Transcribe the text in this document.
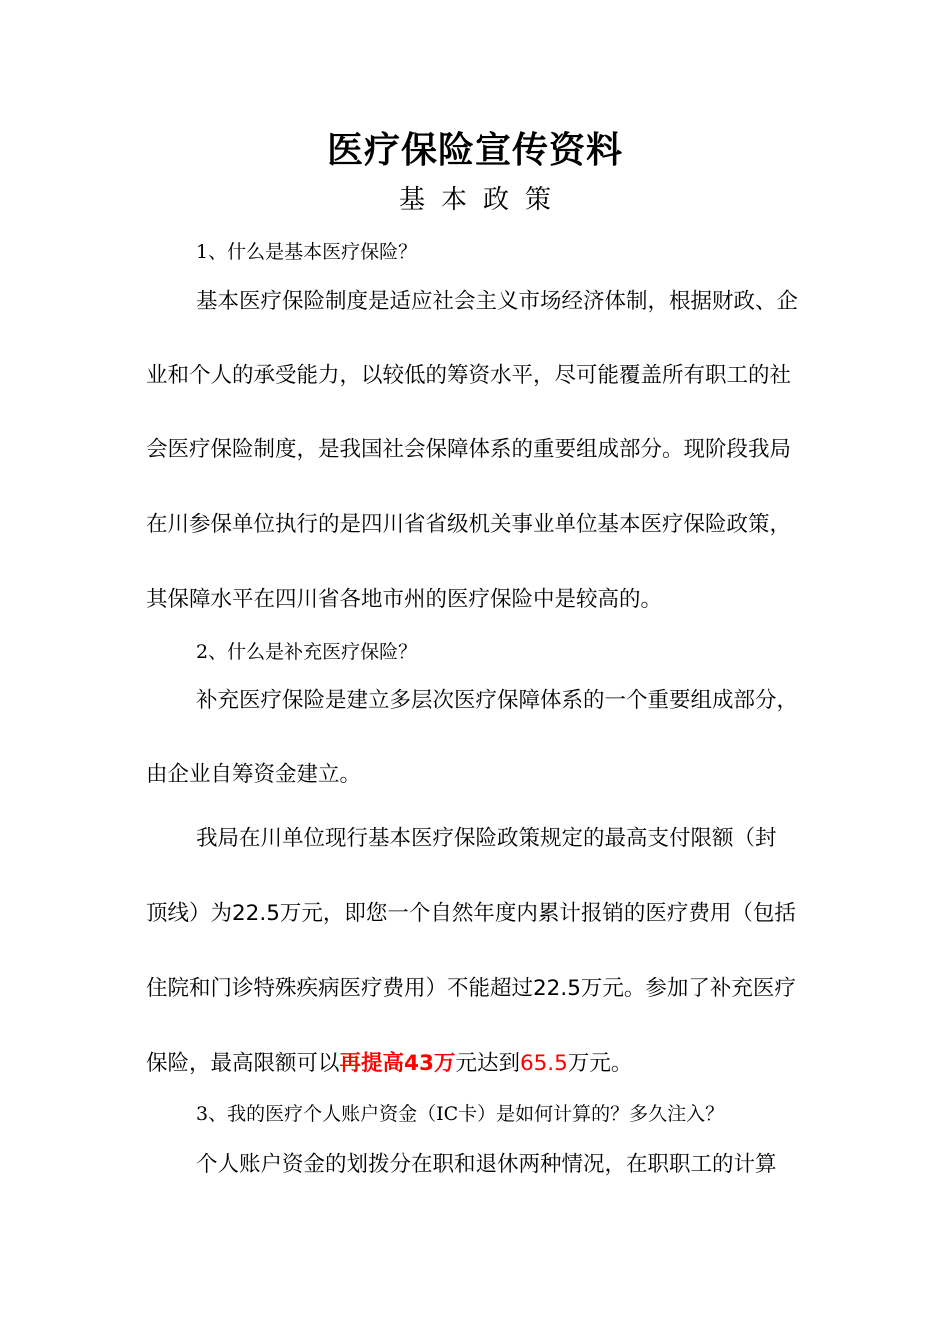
医疗保险宣传资料
基本政策
1、什么是基本医疗保险？
基本医疗保险制度是适应社会主义市场经济体制，根据财政、企
业和个人的承受能力，以较低的筹资水平，尽可能覆盖所有职工的社
会医疗保险制度，是我国社会保障体系的重要组成部分。现阶段我局
在川参保单位执行的是四川省省级机关事业单位基本医疗保险政策，
其保障水平在四川省各地市州的医疗保险中是较高的。
2、什么是补充医疗保险？
补充医疗保险是建立多层次医疗保障体系的一个重要组成部分，
由企业自筹资金建立。
我局在川单位现行基本医疗保险政策规定的最高支付限额（封
顶线）为22.5万元，即您一个自然年度内累计报销的医疗费用（包括
住院和门诊特殊疾病医疗费用）不能超过22.5万元。参加了补充医疗
保险，最高限额可以再提高43万元达到65.5万元。
3、我的医疗个人账户资金（IC卡）是如何计算的？多久注入？
个人账户资金的划拨分在职和退休两种情况，在职职工的计算
